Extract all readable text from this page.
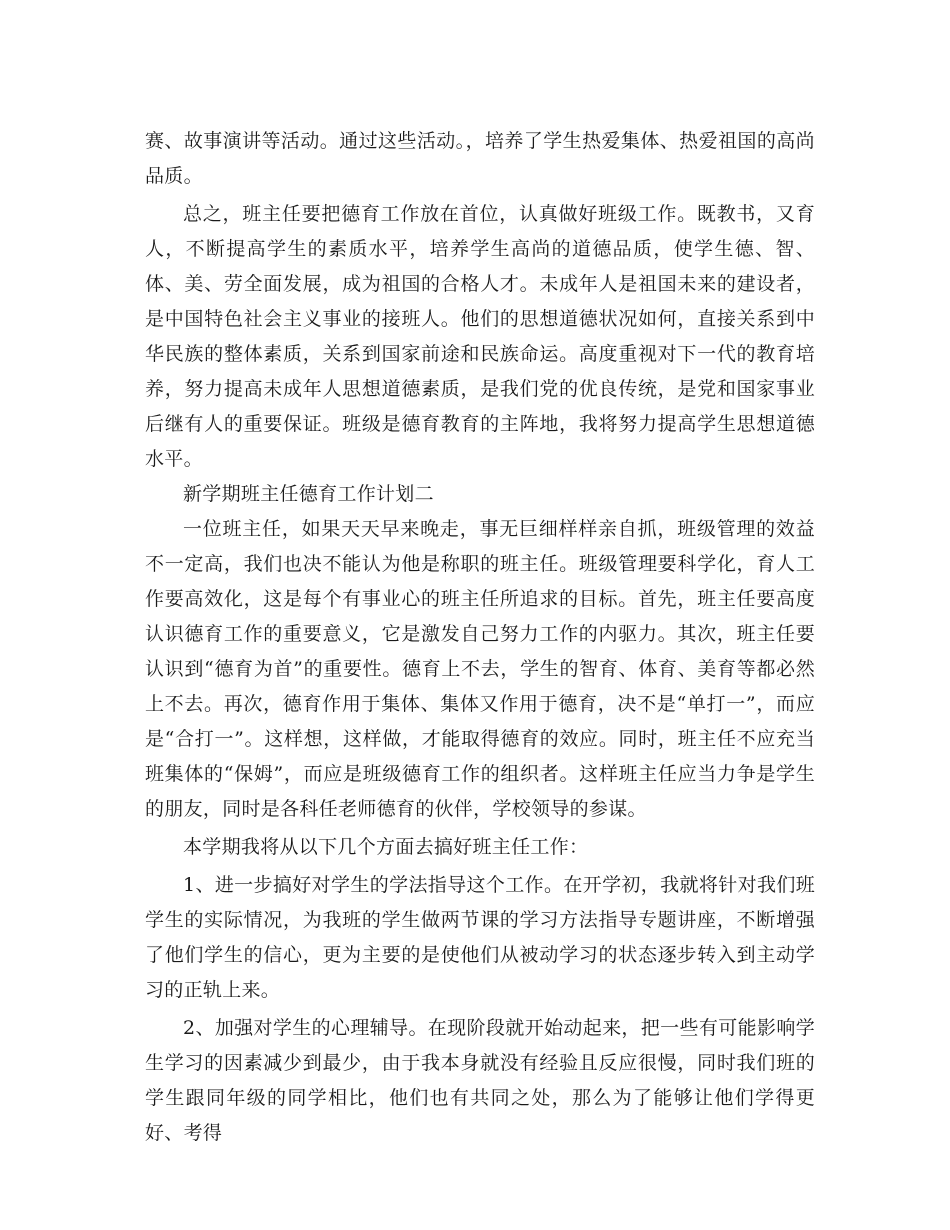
赛、故事演讲等活动。通过这些活动。，培养了学生热爱集体、热爱祖国的高尚品质。

总之，班主任要把德育工作放在首位，认真做好班级工作。既教书，又育人，不断提高学生的素质水平，培养学生高尚的道德品质，使学生德、智、体、美、劳全面发展，成为祖国的合格人才。未成年人是祖国未来的建设者，是中国特色社会主义事业的接班人。他们的思想道德状况如何，直接关系到中华民族的整体素质，关系到国家前途和民族命运。高度重视对下一代的教育培养，努力提高未成年人思想道德素质，是我们党的优良传统，是党和国家事业后继有人的重要保证。班级是德育教育的主阵地，我将努力提高学生思想道德水平。

新学期班主任德育工作计划二

一位班主任，如果天天早来晚走，事无巨细样样亲自抓，班级管理的效益不一定高，我们也决不能认为他是称职的班主任。班级管理要科学化，育人工作要高效化，这是每个有事业心的班主任所追求的目标。首先，班主任要高度认识德育工作的重要意义，它是激发自己努力工作的内驱力。其次，班主任要认识到“德育为首”的重要性。德育上不去，学生的智育、体育、美育等都必然上不去。再次，德育作用于集体、集体又作用于德育，决不是“单打一”，而应是“合打一”。这样想，这样做，才能取得德育的效应。同时，班主任不应充当班集体的“保姆”，而应是班级德育工作的组织者。这样班主任应当力争是学生的朋友，同时是各科任老师德育的伙伴，学校领导的参谋。

本学期我将从以下几个方面去搞好班主任工作：

1、进一步搞好对学生的学法指导这个工作。在开学初，我就将针对我们班学生的实际情况，为我班的学生做两节课的学习方法指导专题讲座，不断增强了他们学生的信心，更为主要的是使他们从被动学习的状态逐步转入到主动学习的正轨上来。

2、加强对学生的心理辅导。在现阶段就开始动起来，把一些有可能影响学生学习的因素减少到最少，由于我本身就没有经验且反应很慢，同时我们班的学生跟同年级的同学相比，他们也有共同之处，那么为了能够让他们学得更好、考得
